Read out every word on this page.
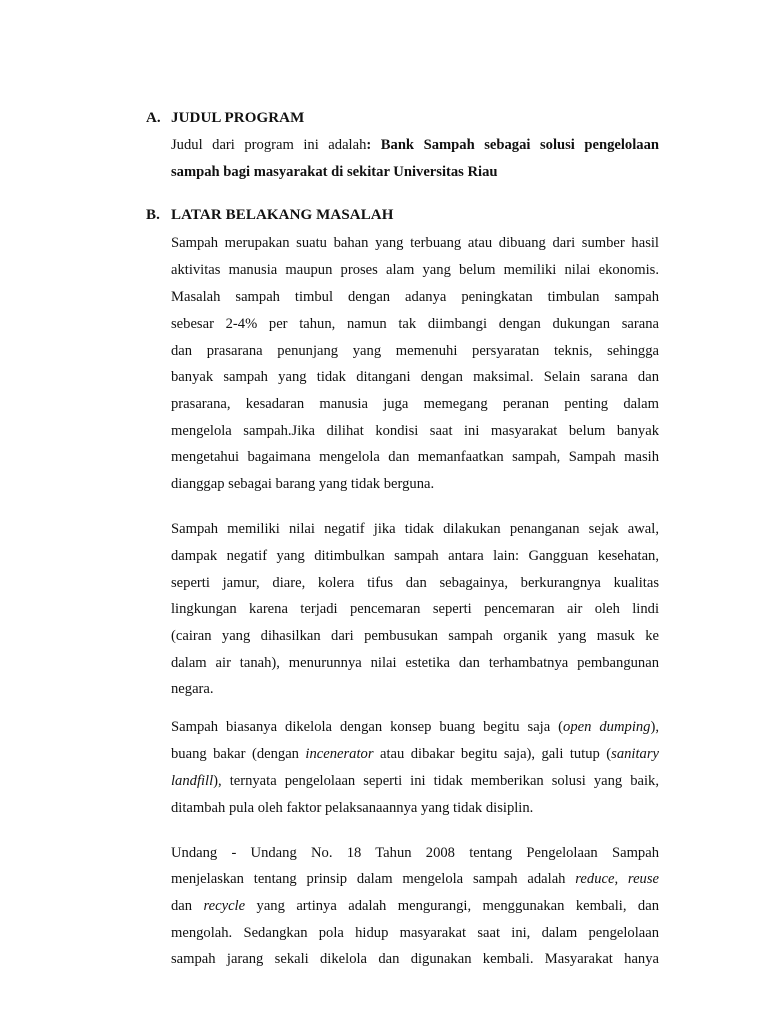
A. JUDUL PROGRAM
Judul dari program ini adalah: Bank Sampah sebagai solusi pengelolaan
sampah bagi masyarakat di sekitar Universitas Riau
B. LATAR BELAKANG MASALAH
Sampah merupakan suatu bahan yang terbuang atau dibuang dari sumber hasil
aktivitas manusia maupun proses alam yang belum memiliki nilai ekonomis.
Masalah sampah timbul dengan adanya peningkatan timbulan sampah
sebesar 2-4% per tahun, namun tak diimbangi dengan dukungan sarana
dan prasarana penunjang yang memenuhi persyaratan teknis, sehingga
banyak sampah yang tidak ditangani dengan maksimal. Selain sarana dan
prasarana, kesadaran manusia juga memegang peranan penting dalam
mengelola sampah.Jika dilihat kondisi saat ini masyarakat belum banyak
mengetahui bagaimana mengelola dan memanfaatkan sampah, Sampah masih
dianggap sebagai barang yang tidak berguna.
Sampah memiliki nilai negatif jika tidak dilakukan penanganan sejak awal,
dampak negatif yang ditimbulkan sampah antara lain: Gangguan kesehatan,
seperti jamur, diare, kolera tifus dan sebagainya, berkurangnya kualitas
lingkungan karena terjadi pencemaran seperti pencemaran air oleh lindi
(cairan yang dihasilkan dari pembusukan sampah organik yang masuk ke
dalam air tanah), menurunnya nilai estetika dan terhambatnya pembangunan
negara.
Sampah biasanya dikelola dengan konsep buang begitu saja (open dumping),
buang bakar (dengan incenerator atau dibakar begitu saja), gali tutup (sanitary
landfill), ternyata pengelolaan seperti ini tidak memberikan solusi yang baik,
ditambah pula oleh faktor pelaksanaannya yang tidak disiplin.
Undang - Undang No. 18 Tahun 2008 tentang Pengelolaan Sampah
menjelaskan tentang prinsip dalam mengelola sampah adalah reduce, reuse
dan recycle yang artinya adalah mengurangi, menggunakan kembali, dan
mengolah. Sedangkan pola hidup masyarakat saat ini, dalam pengelolaan
sampah jarang sekali dikelola dan digunakan kembali. Masyarakat hanya
